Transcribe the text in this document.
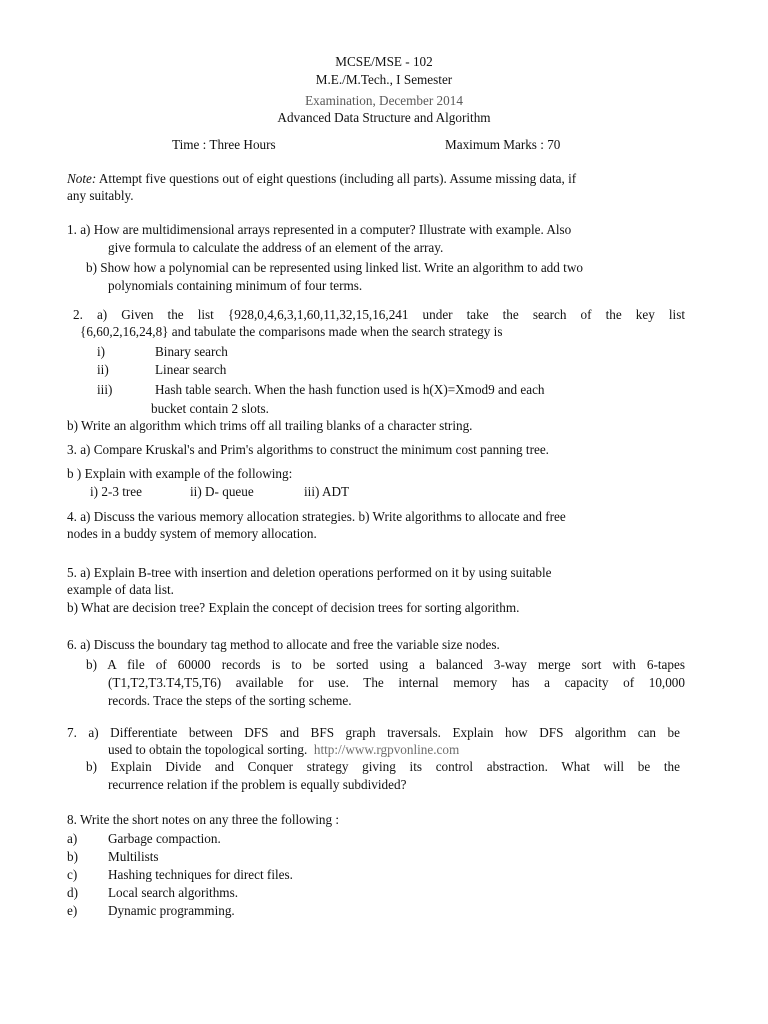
MCSE/MSE - 102
M.E./M.Tech., I Semester
Examination, December 2014
Advanced Data Structure and Algorithm
Time : Three Hours	Maximum Marks : 70
Note: Attempt five questions out of eight questions (including all parts). Assume missing data, if
any suitably.
1. a) How are multidimensional arrays represented in a computer? Illustrate with example. Also
give formula to calculate the address of an element of the array.
b) Show how a polynomial can be represented using linked list. Write an algorithm to add two
polynomials containing minimum of four terms.
2. a) Given the list {928,0,4,6,3,1,60,11,32,15,16,241 under take the search of the key list
{6,60,2,16,24,8} and tabulate the comparisons made when the search strategy is
i)	Binary search
ii)	Linear search
iii)	Hash table search. When the hash function used is h(X)=Xmod9 and each
bucket contain 2 slots.
b) Write an algorithm which trims off all trailing blanks of a character string.
3. a) Compare Kruskal's and Prim's algorithms to construct the minimum cost panning tree.
b ) Explain with example of the following:
i) 2-3 tree	ii) D- queue	iii) ADT
4. a) Discuss the various memory allocation strategies. b) Write algorithms to allocate and free
nodes in a buddy system of memory allocation.
5. a) Explain B-tree with insertion and deletion operations performed on it by using suitable
example of data list.
b) What are decision tree? Explain the concept of decision trees for sorting algorithm.
6. a) Discuss the boundary tag method to allocate and free the variable size nodes.
b) A file of 60000 records is to be sorted using a balanced 3-way merge sort with 6-tapes
(T1,T2,T3.T4,T5,T6) available for use. The internal memory has a capacity of 10,000
records. Trace the steps of the sorting scheme.
7. a) Differentiate between DFS and BFS graph traversals. Explain how DFS algorithm can be
used to obtain the topological sorting. http://www.rgpvonline.com
b) Explain Divide and Conquer strategy giving its control abstraction. What will be the
recurrence relation if the problem is equally subdivided?
8. Write the short notes on any three the following :
a) Garbage compaction.
b) Multilists
c) Hashing techniques for direct files.
d) Local search algorithms.
e) Dynamic programming.
